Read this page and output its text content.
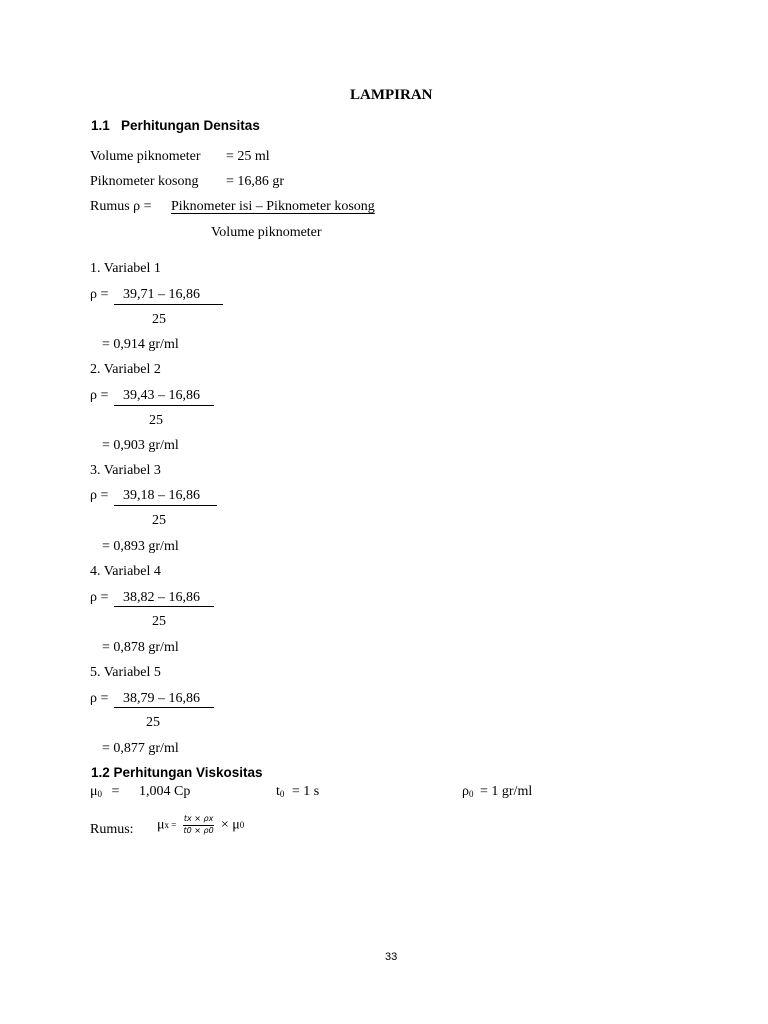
LAMPIRAN
1.1 Perhitungan Densitas
Volume piknometer = 25 ml
Piknometer kosong = 16,86 gr
Rumus ρ = Piknometer isi – Piknometer kosong
Volume piknometer
1. Variabel 1
ρ = 39,71 – 16,86
25
= 0,914 gr/ml
2. Variabel 2
ρ = 39,43 – 16,86
25
= 0,903 gr/ml
3. Variabel 3
ρ = 39,18 – 16,86
25
= 0,893 gr/ml
4. Variabel 4
ρ = 38,82 – 16,86
25
= 0,878 gr/ml
5. Variabel 5
ρ = 38,79 – 16,86
25
= 0,877 gr/ml
1.2 Perhitungan Viskositas
$\mu_0 = 1,004$ Cp	$t_0 = 1$ s	$\rho_0 = 1$ gr/ml
Rumus: $\mu x = \frac{tx \times \rho x}{t0 \times \rho 0} \times \mu 0$
33
